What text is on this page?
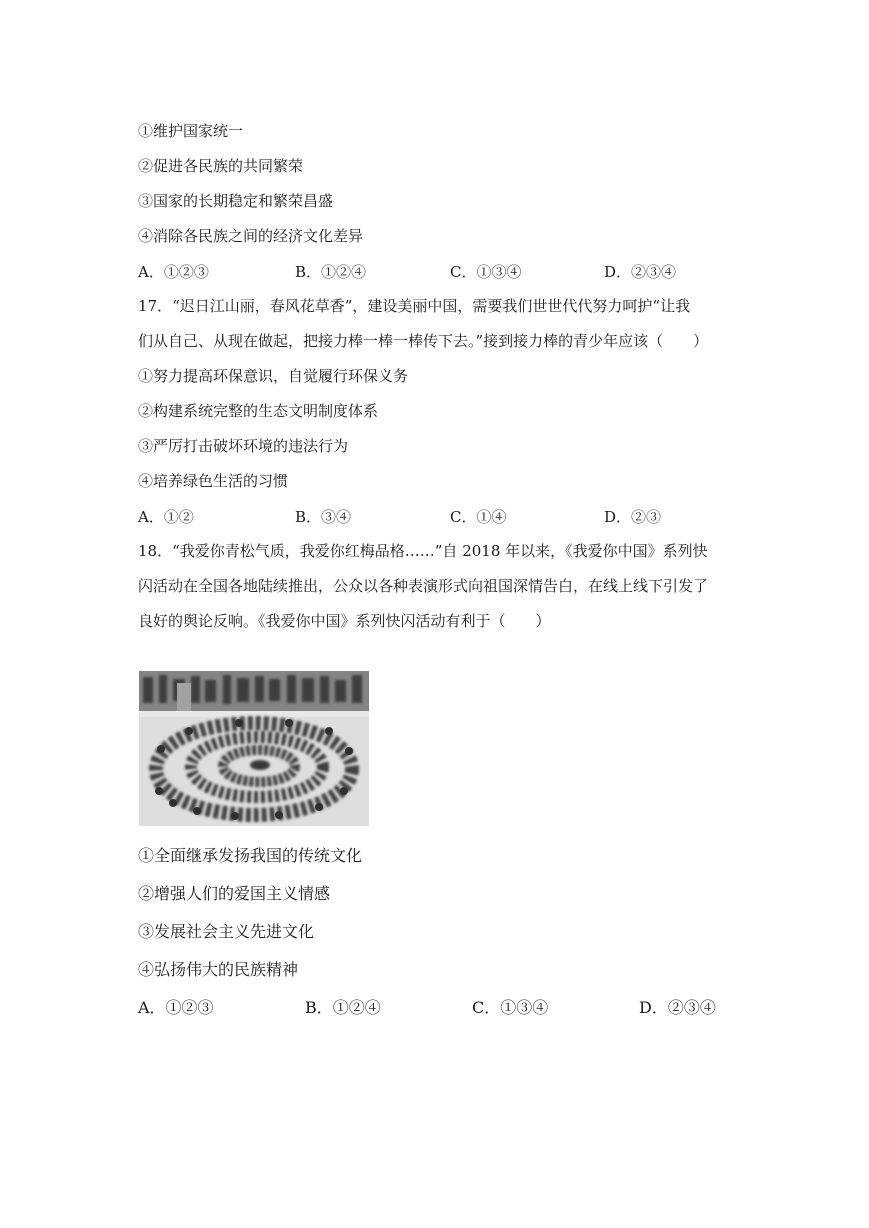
①维护国家统一
②促进各民族的共同繁荣
③国家的长期稳定和繁荣昌盛
④消除各民族之间的经济文化差异
A．①②③	B．①②④	C．①③④	D．②③④
17．“迟日江山丽，春风花草香”，建设美丽中国，需要我们世世代代努力呵护“让我
们从自己、从现在做起，把接力棒一棒一棒传下去。”接到接力棒的青少年应该（　　）
①努力提高环保意识，自觉履行环保义务
②构建系统完整的生态文明制度体系
③严厉打击破坏环境的违法行为
④培养绿色生活的习惯
A．①②	B．③④	C．①④	D．②③
18．“我爱你青松气质，我爱你红梅品格……”自 2018 年以来，《我爱你中国》系列快
闪活动在全国各地陆续推出，公众以各种表演形式向祖国深情告白，在线上线下引发了
良好的舆论反响。《我爱你中国》系列快闪活动有利于（　　）
①全面继承发扬我国的传统文化
②增强人们的爱国主义情感
③发展社会主义先进文化
④弘扬伟大的民族精神
A．①②③	B．①②④	C．①③④	D．②③④
